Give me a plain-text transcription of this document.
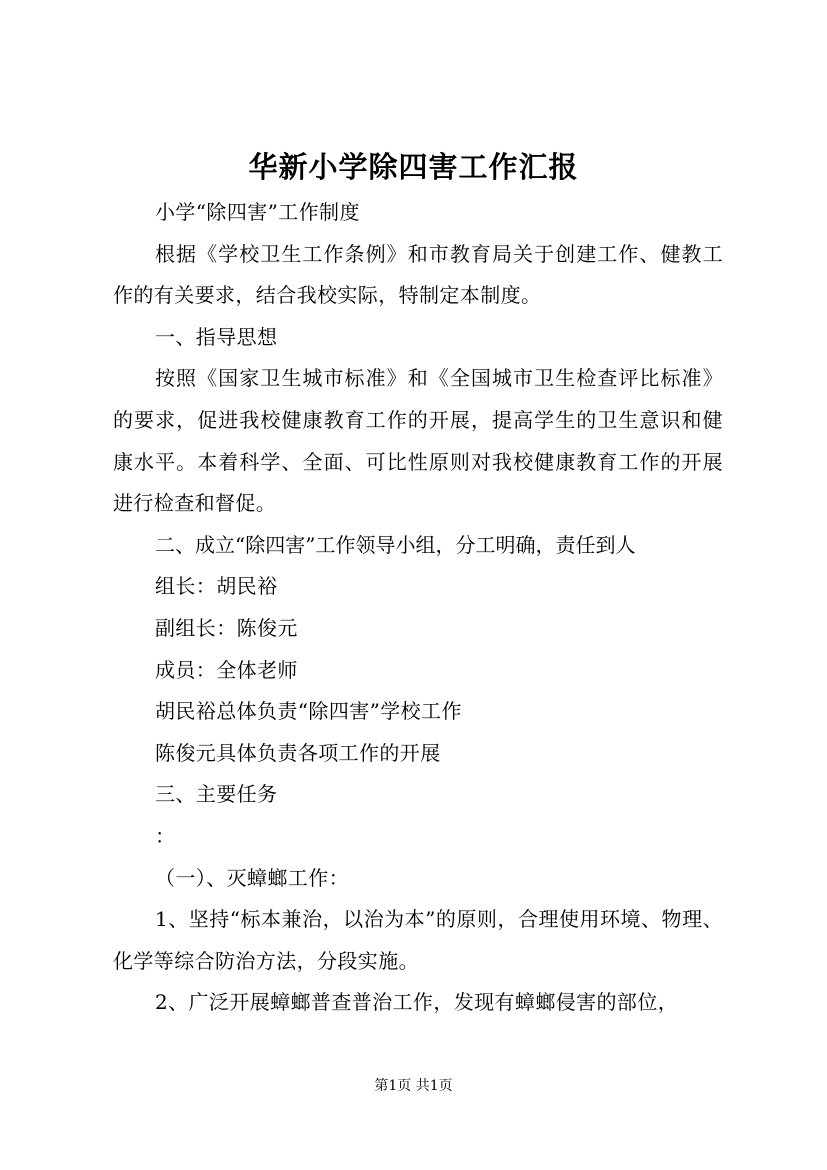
华新小学除四害工作汇报

小学“除四害”工作制度

根据《学校卫生工作条例》和市教育局关于创建工作、健教工作的有关要求，结合我校实际，特制定本制度。

一、指导思想

按照《国家卫生城市标准》和《全国城市卫生检查评比标准》的要求，促进我校健康教育工作的开展，提高学生的卫生意识和健康水平。本着科学、全面、可比性原则对我校健康教育工作的开展进行检查和督促。

二、成立“除四害”工作领导小组，分工明确，责任到人

组长：胡民裕

副组长：陈俊元

成员：全体老师

胡民裕总体负责“除四害”学校工作

陈俊元具体负责各项工作的开展

三、主要任务

：

（一）、灭蟑螂工作：

1、坚持“标本兼治，以治为本”的原则，合理使用环境、物理、化学等综合防治方法，分段实施。

2、广泛开展蟑螂普查普治工作，发现有蟑螂侵害的部位，

第1页 共1页
